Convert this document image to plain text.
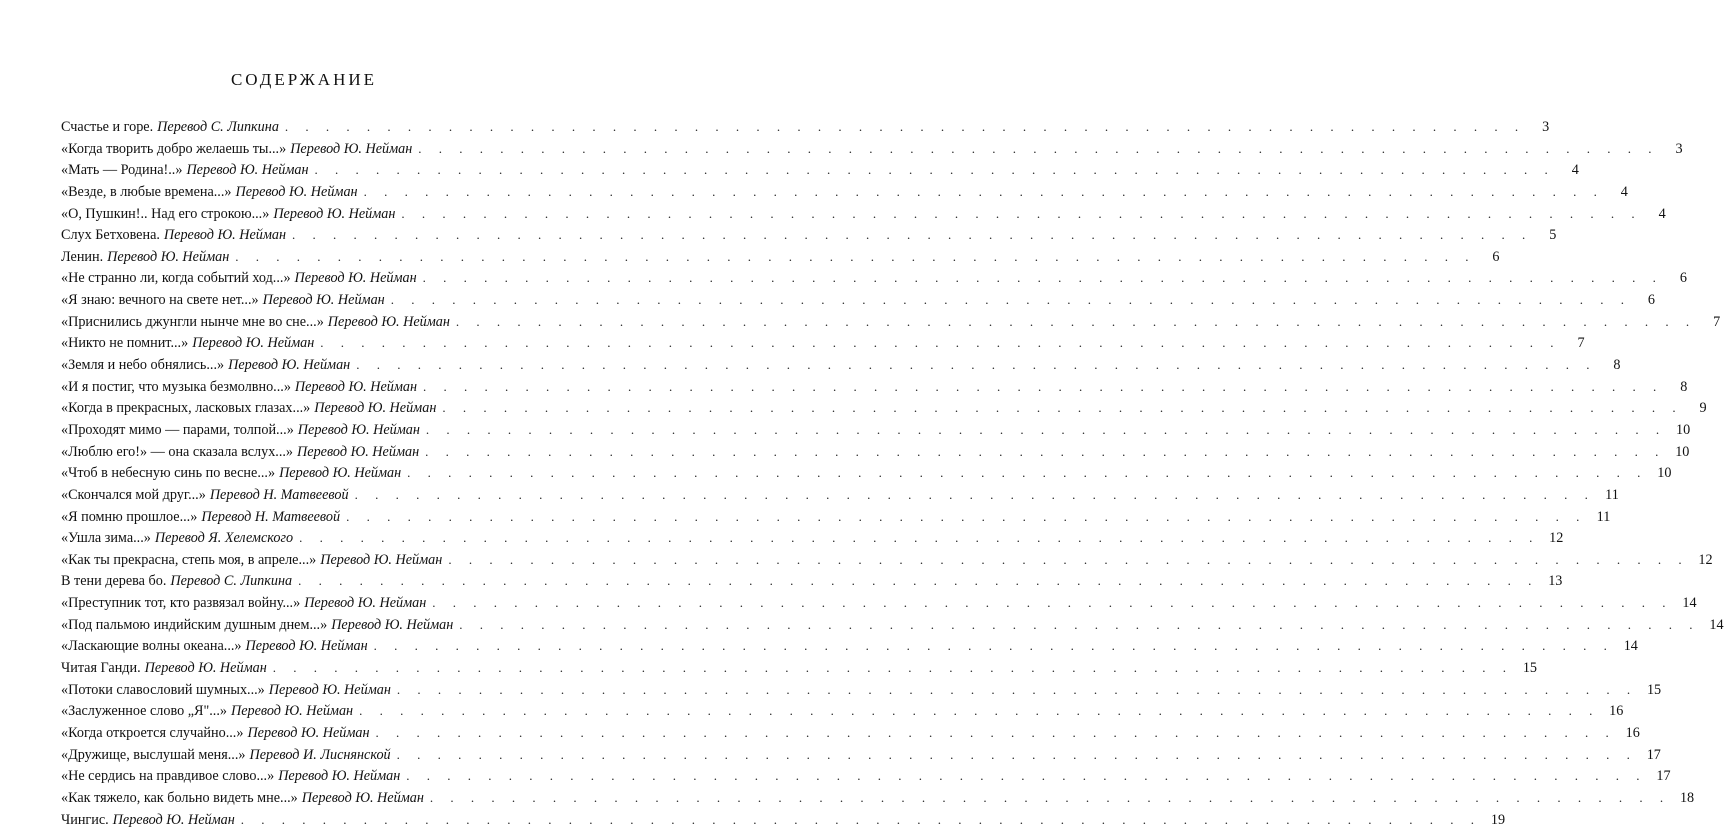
СОДЕРЖАНИЕ
Счастье и горе. Перевод С. Липкина . . .	3
«Когда творить добро желаешь ты...» Перевод Ю. Нейман . . .	3
«Мать — Родина!..» Перевод Ю. Нейман . . .	4
«Везде, в любые времена...» Перевод Ю. Нейман . . .	4
«О, Пушкин!.. Над его строкою...» Перевод Ю. Нейман . . .	4
Слух Бетховена. Перевод Ю. Нейман . . .	5
Ленин. Перевод Ю. Нейман . . .	6
«Не странно ли, когда событий ход...» Перевод Ю. Нейман . . .	6
«Я знаю: вечного на свете нет...» Перевод Ю. Нейман . . .	6
«Приснились джунгли нынче мне во сне...» Перевод Ю. Нейман . . .	7
«Никто не помнит...» Перевод Ю. Нейман . . .	7
«Земля и небо обнялись...» Перевод Ю. Нейман . . .	8
«И я постиг, что музыка безмолвно...» Перевод Ю. Нейман . . .	8
«Когда в прекрасных, ласковых глазах...» Перевод Ю. Нейман . . .	9
«Проходят мимо — парами, толпой...» Перевод Ю. Нейман . . .	10
«Люблю его!» — она сказала вслух...» Перевод Ю. Нейман . . .	10
«Чтоб в небесную синь по весне...» Перевод Ю. Нейман . . .	10
«Скончался мой друг...» Перевод Н. Матвеевой . . .	11
«Я помню прошлое...» Перевод Н. Матвеевой . . .	11
«Ушла зима...» Перевод Я. Хелемского . . .	12
«Как ты прекрасна, степь моя, в апреле...» Перевод Ю. Нейман . . .	12
В тени дерева бо. Перевод С. Липкина . . .	13
«Преступник тот, кто развязал войну...» Перевод Ю. Нейман . . .	14
«Под пальмою индийским душным днем...» Перевод Ю. Нейман . . .	14
«Ласкающие волны океана...» Перевод Ю. Нейман . . .	14
Читая Ганди. Перевод Ю. Нейман . . .	15
«Потоки славословий шумных...» Перевод Ю. Нейман . . .	15
«Заслуженное слово „Я"...» Перевод Ю. Нейман . . .	16
«Когда откроется случайно...» Перевод Ю. Нейман . . .	16
«Дружище, выслушай меня...» Перевод И. Лиснянской . . .	17
«Не сердись на правдивое слово...» Перевод Ю. Нейман . . .	17
«Как тяжело, как больно видеть мне...» Перевод Ю. Нейман . . .	18
Чингис. Перевод Ю. Нейман . . .	19
